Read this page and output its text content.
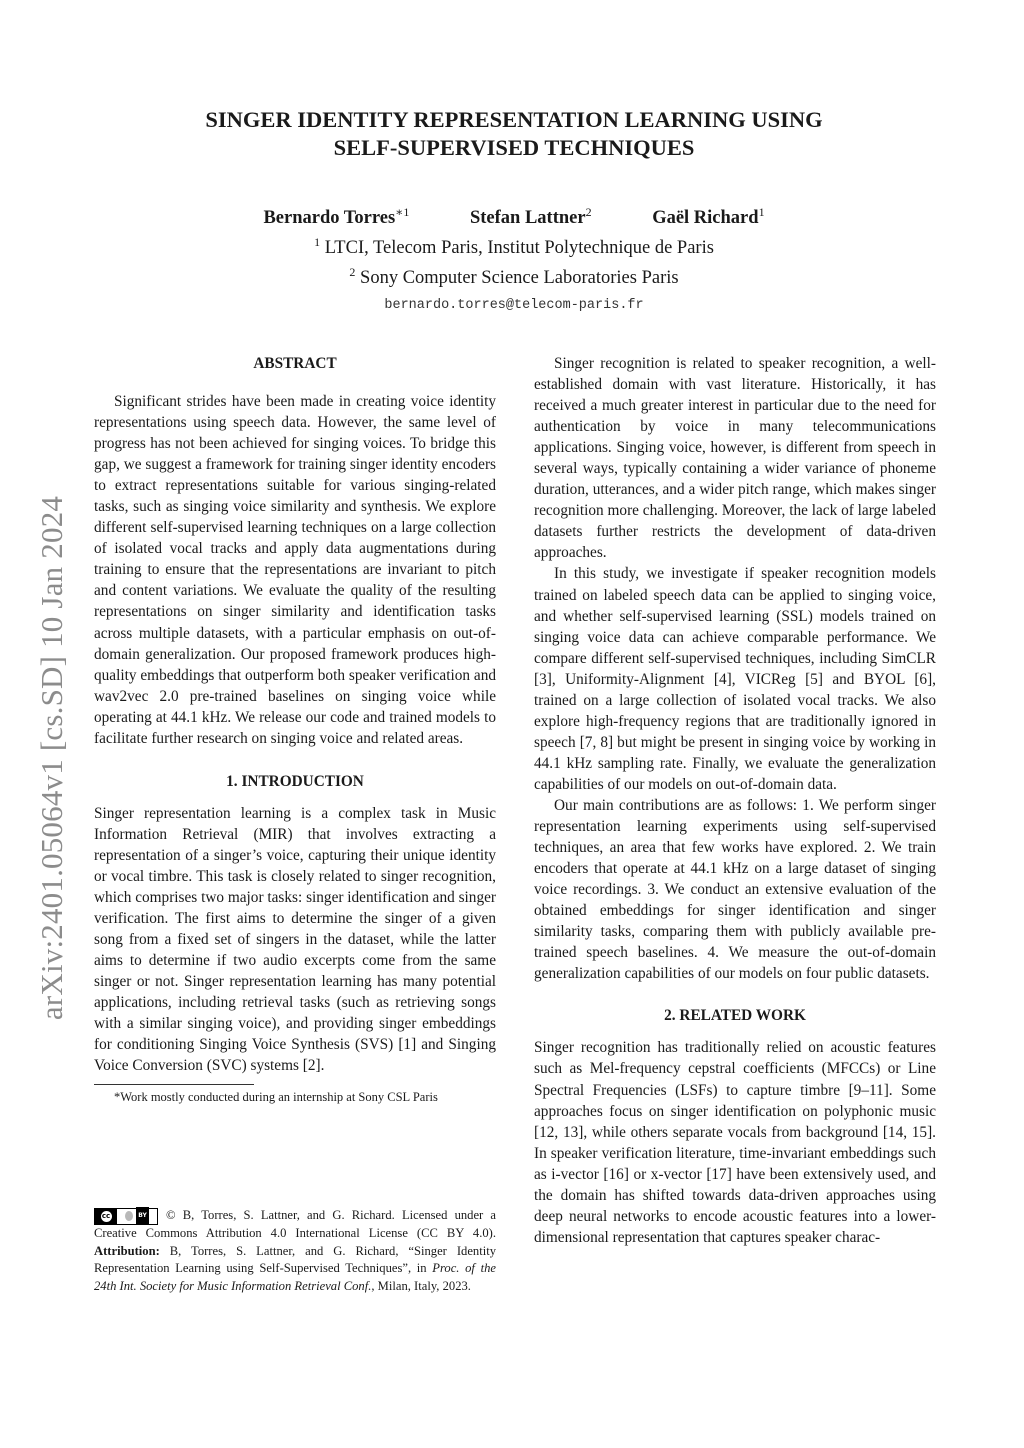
arXiv:2401.05064v1 [cs.SD] 10 Jan 2024
SINGER IDENTITY REPRESENTATION LEARNING USING
SELF-SUPERVISED TECHNIQUES
Bernardo Torres$^{∗1}$	Stefan Lattner$^2$	Gaël Richard$^1$
$^1$ LTCI, Telecom Paris, Institut Polytechnique de Paris
$^2$ Sony Computer Science Laboratories Paris
bernardo.torres@telecom-paris.fr
ABSTRACT

Significant strides have been made in creating voice identity representations using speech data. However, the same level of progress has not been achieved for singing voices. To bridge this gap, we suggest a framework for training singer identity encoders to extract representations suitable for various singing-related tasks, such as singing voice similarity and synthesis. We explore different self-supervised learning techniques on a large collection of isolated vocal tracks and apply data augmentations during training to ensure that the representations are invariant to pitch and content variations. We evaluate the quality of the resulting representations on singer similarity and identification tasks across multiple datasets, with a particular emphasis on out-of-domain generalization. Our proposed framework produces high-quality embeddings that outperform both speaker verification and wav2vec 2.0 pre-trained baselines on singing voice while operating at 44.1 kHz. We release our code and trained models to facilitate further research on singing voice and related areas.

1. INTRODUCTION

Singer representation learning is a complex task in Music Information Retrieval (MIR) that involves extracting a representation of a singer’s voice, capturing their unique identity or vocal timbre. This task is closely related to singer recognition, which comprises two major tasks: singer identification and singer verification. The first aims to determine the singer of a given song from a fixed set of singers in the dataset, while the latter aims to determine if two audio excerpts come from the same singer or not. Singer representation learning has many potential applications, including retrieval tasks (such as retrieving songs with a similar singing voice), and providing singer embeddings for conditioning Singing Voice Synthesis (SVS) [1] and Singing Voice Conversion (SVC) systems [2].

*Work mostly conducted during an internship at Sony CSL Paris
cc	BY © B, Torres, S. Lattner, and G. Richard. Licensed under a Creative Commons Attribution 4.0 International License (CC BY 4.0). Attribution: B, Torres, S. Lattner, and G. Richard, “Singer Identity Representation Learning using Self-Supervised Techniques”, in Proc. of the 24th Int. Society for Music Information Retrieval Conf., Milan, Italy, 2023.

Singer recognition is related to speaker recognition, a well-established domain with vast literature. Historically, it has received a much greater interest in particular due to the need for authentication by voice in many telecommunications applications. Singing voice, however, is different from speech in several ways, typically containing a wider variance of phoneme duration, utterances, and a wider pitch range, which makes singer recognition more challenging. Moreover, the lack of large labeled datasets further restricts the development of data-driven approaches.

In this study, we investigate if speaker recognition models trained on labeled speech data can be applied to singing voice, and whether self-supervised learning (SSL) models trained on singing voice data can achieve comparable performance. We compare different self-supervised techniques, including SimCLR [3], Uniformity-Alignment [4], VICReg [5] and BYOL [6], trained on a large collection of isolated vocal tracks. We also explore high-frequency regions that are traditionally ignored in speech [7, 8] but might be present in singing voice by working in 44.1 kHz sampling rate. Finally, we evaluate the generalization capabilities of our models on out-of-domain data.

Our main contributions are as follows: 1. We perform singer representation learning experiments using self-supervised techniques, an area that few works have explored. 2. We train encoders that operate at 44.1 kHz on a large dataset of singing voice recordings. 3. We conduct an extensive evaluation of the obtained embeddings for singer identification and singer similarity tasks, comparing them with publicly available pre-trained speech baselines. 4. We measure the out-of-domain generalization capabilities of our models on four public datasets.

2. RELATED WORK

Singer recognition has traditionally relied on acoustic features such as Mel-frequency cepstral coefficients (MFCCs) or Line Spectral Frequencies (LSFs) to capture timbre [9–11]. Some approaches focus on singer identification on polyphonic music [12, 13], while others separate vocals from background [14, 15]. In speaker verification literature, time-invariant embeddings such as i-vector [16] or x-vector [17] have been extensively used, and the domain has shifted towards data-driven approaches using deep neural networks to encode acoustic features into a lower-dimensional representation that captures speaker charac-
